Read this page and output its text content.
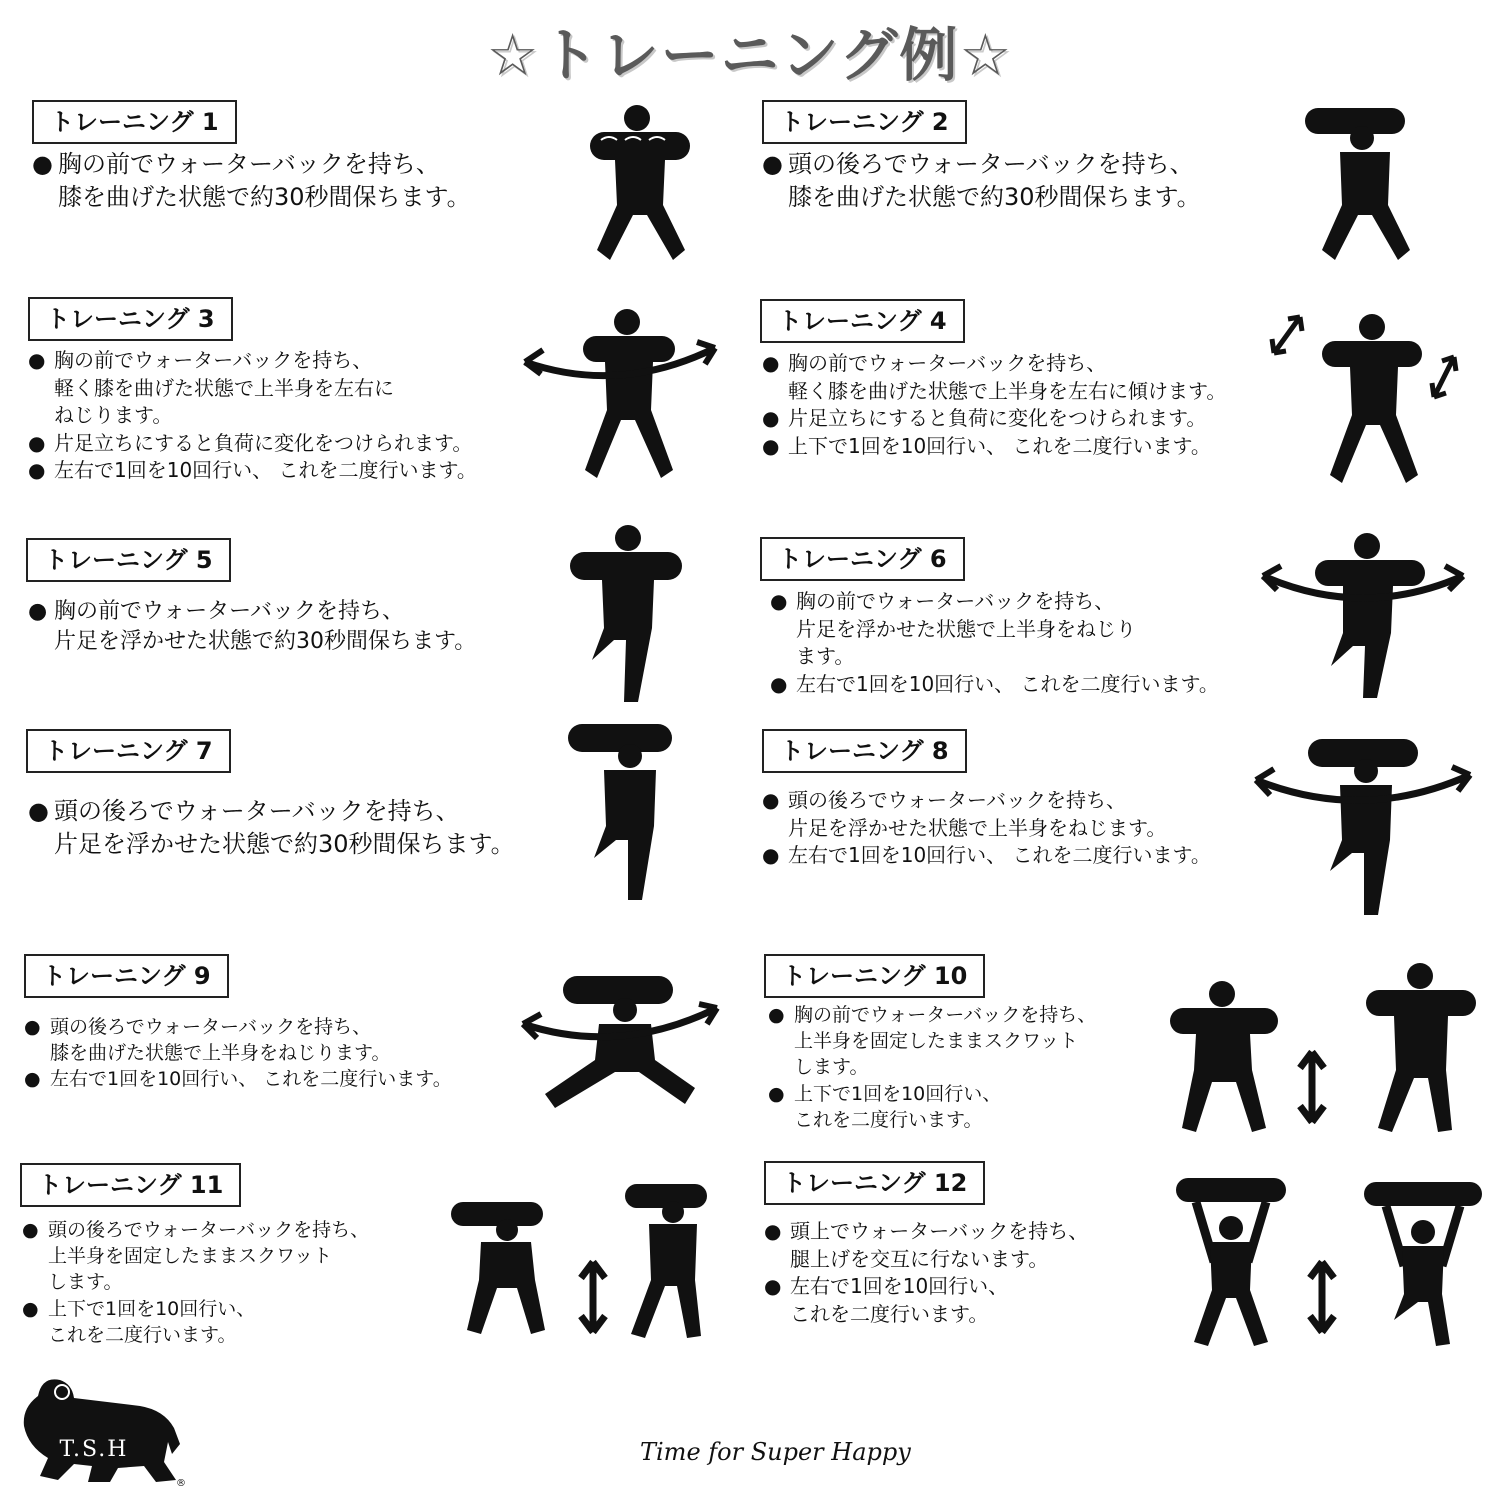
☆トレーニング例☆
トレーニング 1
● 胸の前でウォーターバックを持ち、
膝を曲げた状態で約30秒間保ちます。
トレーニング 2
● 頭の後ろでウォーターバックを持ち、
膝を曲げた状態で約30秒間保ちます。
トレーニング 3
● 胸の前でウォーターバックを持ち、
軽く膝を曲げた状態で上半身を左右に
ねじります。
● 片足立ちにすると負荷に変化をつけられます。
● 左右で1回を10回行い、 これを二度行います。
トレーニング 4
● 胸の前でウォーターバックを持ち、
軽く膝を曲げた状態で上半身を左右に傾けます。
● 片足立ちにすると負荷に変化をつけられます。
● 上下で1回を10回行い、 これを二度行います。
トレーニング 5
● 胸の前でウォーターバックを持ち、
片足を浮かせた状態で約30秒間保ちます。
トレーニング 6
● 胸の前でウォーターバックを持ち、
片足を浮かせた状態で上半身をねじり
ます。
● 左右で1回を10回行い、 これを二度行います。
トレーニング 7
● 頭の後ろでウォーターバックを持ち、
片足を浮かせた状態で約30秒間保ちます。
トレーニング 8
● 頭の後ろでウォーターバックを持ち、
片足を浮かせた状態で上半身をねじます。
● 左右で1回を10回行い、 これを二度行います。
トレーニング 9
● 頭の後ろでウォーターバックを持ち、
膝を曲げた状態で上半身をねじります。
● 左右で1回を10回行い、 これを二度行います。
トレーニング 10
● 胸の前でウォーターバックを持ち、
上半身を固定したままスクワット
します。
● 上下で1回を10回行い、
これを二度行います。
トレーニング 11
● 頭の後ろでウォーターバックを持ち、
上半身を固定したままスクワット
します。
● 上下で1回を10回行い、
これを二度行います。
トレーニング 12
● 頭上でウォーターバックを持ち、
腿上げを交互に行ないます。
● 左右で1回を10回行い、
これを二度行います。
T.S.H
®
Time for Super Happy
